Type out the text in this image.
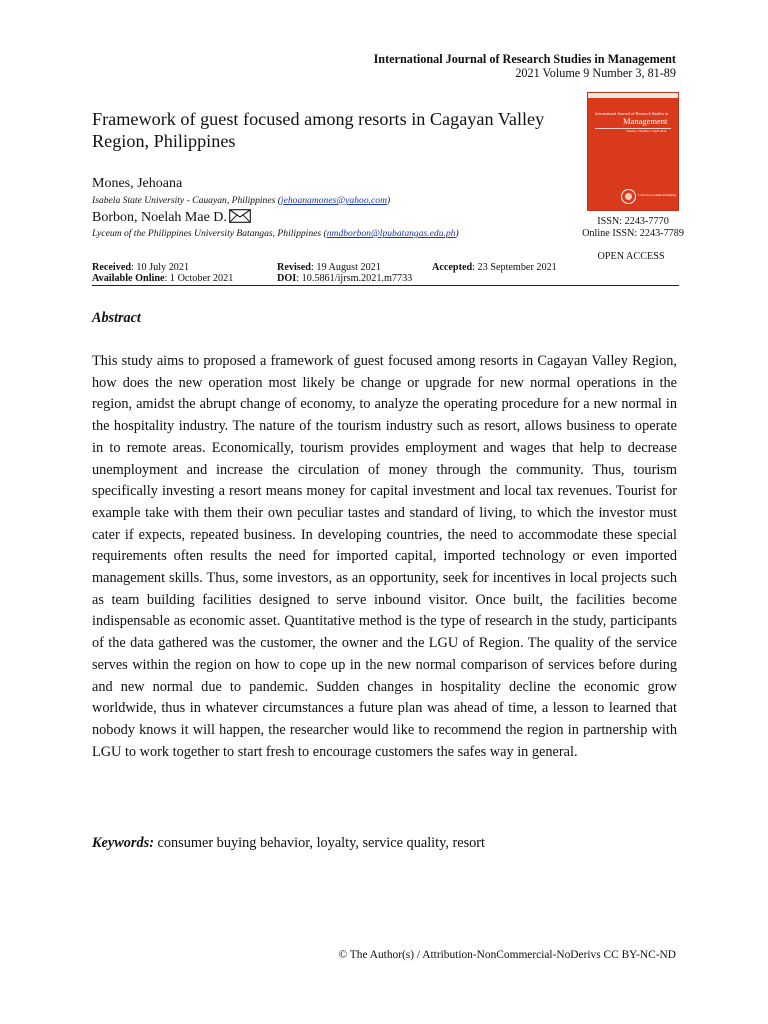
International Journal of Research Studies in Management
2021 Volume 9 Number 3, 81-89
Framework of guest focused among resorts in Cagayan Valley Region, Philippines
International Journal of Research Studies in
Management
Volume 1 Number 1 April 2012
Consortia Academia Publishing
ISSN: 2243-7770
Online ISSN: 2243-7789
OPEN ACCESS
Mones, Jehoana
Isabela State University - Cauayan, Philippines (jehoanamones@yahoo.com)
Borbon, Noelah Mae D.
Lyceum of the Philippines University Batangas, Philippines (nmdborbon@lpubatangas.edu.ph)
Received: 10 July 2021	Revised: 19 August 2021	Accepted: 23 September 2021
Available Online: 1 October 2021	DOI: 10.5861/ijrsm.2021.m7733
Abstract

This study aims to proposed a framework of guest focused among resorts in Cagayan Valley Region, how does the new operation most likely be change or upgrade for new normal operations in the region, amidst the abrupt change of economy, to analyze the operating procedure for a new normal in the hospitality industry. The nature of the tourism industry such as resort, allows business to operate in to remote areas. Economically, tourism provides employment and wages that help to decrease unemployment and increase the circulation of money through the community. Thus, tourism specifically investing a resort means money for capital investment and local tax revenues. Tourist for example take with them their own peculiar tastes and standard of living, to which the investor must cater if expects, repeated business. In developing countries, the need to accommodate these special requirements often results the need for imported capital, imported technology or even imported management skills. Thus, some investors, as an opportunity, seek for incentives in local projects such as team building facilities designed to serve inbound visitor. Once built, the facilities become indispensable as economic asset. Quantitative method is the type of research in the study, participants of the data gathered was the customer, the owner and the LGU of Region. The quality of the service serves within the region on how to cope up in the new normal comparison of services before during and new normal due to pandemic. Sudden changes in hospitality decline the economic grow worldwide, thus in whatever circumstances a future plan was ahead of time, a lesson to learned that nobody knows it will happen, the researcher would like to recommend the region in partnership with LGU to work together to start fresh to encourage customers the safes way in general.

Keywords: consumer buying behavior, loyalty, service quality, resort
© The Author(s) / Attribution-NonCommercial-NoDerivs CC BY-NC-ND
